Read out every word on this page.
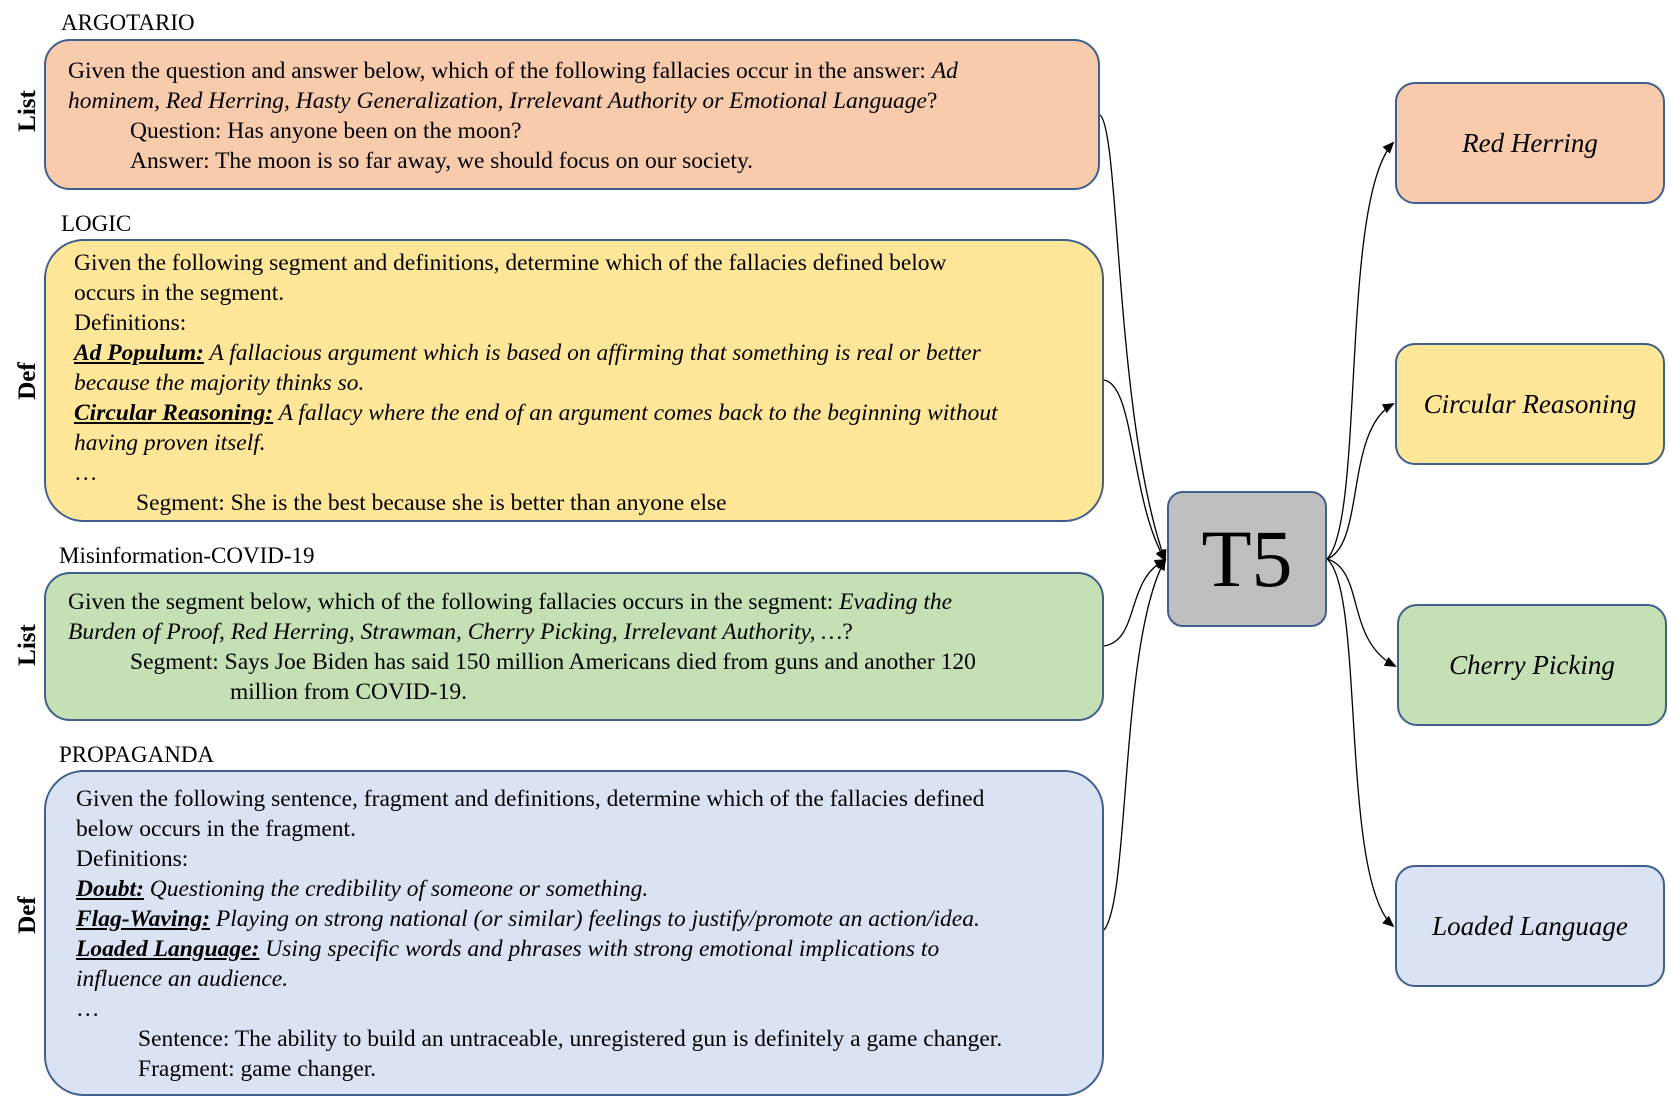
ARGOTARIO
List
Given the question and answer below, which of the following fallacies occur in the answer: Ad
hominem, Red Herring, Hasty Generalization, Irrelevant Authority or Emotional Language?
Question: Has anyone been on the moon?
Answer: The moon is so far away, we should focus on our society.
LOGIC
Def
Given the following segment and definitions, determine which of the fallacies defined below
occurs in the segment.
Definitions:
Ad Populum: A fallacious argument which is based on affirming that something is real or better
because the majority thinks so.
Circular Reasoning: A fallacy where the end of an argument comes back to the beginning without
having proven itself.
…
Segment: She is the best because she is better than anyone else
Misinformation-COVID-19
List
Given the segment below, which of the following fallacies occurs in the segment: Evading the
Burden of Proof, Red Herring, Strawman, Cherry Picking, Irrelevant Authority, …?
Segment: Says Joe Biden has said 150 million Americans died from guns and another 120
million from COVID-19.
PROPAGANDA
Def
Given the following sentence, fragment and definitions, determine which of the fallacies defined
below occurs in the fragment.
Definitions:
Doubt: Questioning the credibility of someone or something.
Flag-Waving: Playing on strong national (or similar) feelings to justify/promote an action/idea.
Loaded Language: Using specific words and phrases with strong emotional implications to
influence an audience.
…
Sentence: The ability to build an untraceable, unregistered gun is definitely a game changer.
Fragment: game changer.
T5
Red Herring
Circular Reasoning
Cherry Picking
Loaded Language
